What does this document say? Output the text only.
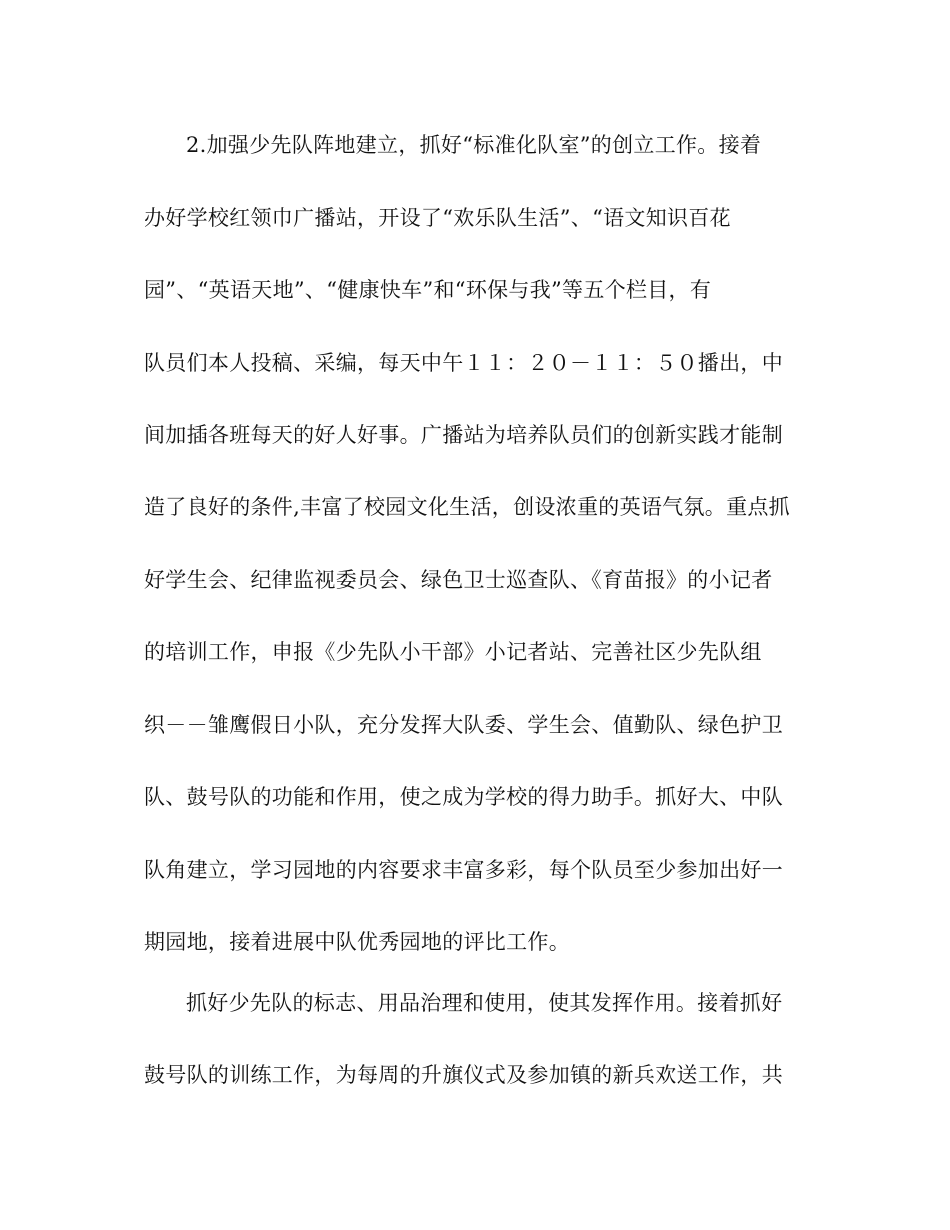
2.加强少先队阵地建立，抓好“标准化队室”的创立工作。接着
办好学校红领巾广播站，开设了“欢乐队生活”、“语文知识百花
园”、“英语天地”、“健康快车”和“环保与我”等五个栏目，有
队员们本人投稿、采编，每天中午１１：２０－１１：５０播出，中
间加插各班每天的好人好事。广播站为培养队员们的创新实践才能制
造了良好的条件,丰富了校园文化生活，创设浓重的英语气氛。重点抓
好学生会、纪律监视委员会、绿色卫士巡查队、《育苗报》的小记者
的培训工作，申报《少先队小干部》小记者站、完善社区少先队组
织－－雏鹰假日小队，充分发挥大队委、学生会、值勤队、绿色护卫
队、鼓号队的功能和作用，使之成为学校的得力助手。抓好大、中队
队角建立，学习园地的内容要求丰富多彩，每个队员至少参加出好一
期园地，接着进展中队优秀园地的评比工作。
抓好少先队的标志、用品治理和使用，使其发挥作用。接着抓好
鼓号队的训练工作，为每周的升旗仪式及参加镇的新兵欢送工作，共
